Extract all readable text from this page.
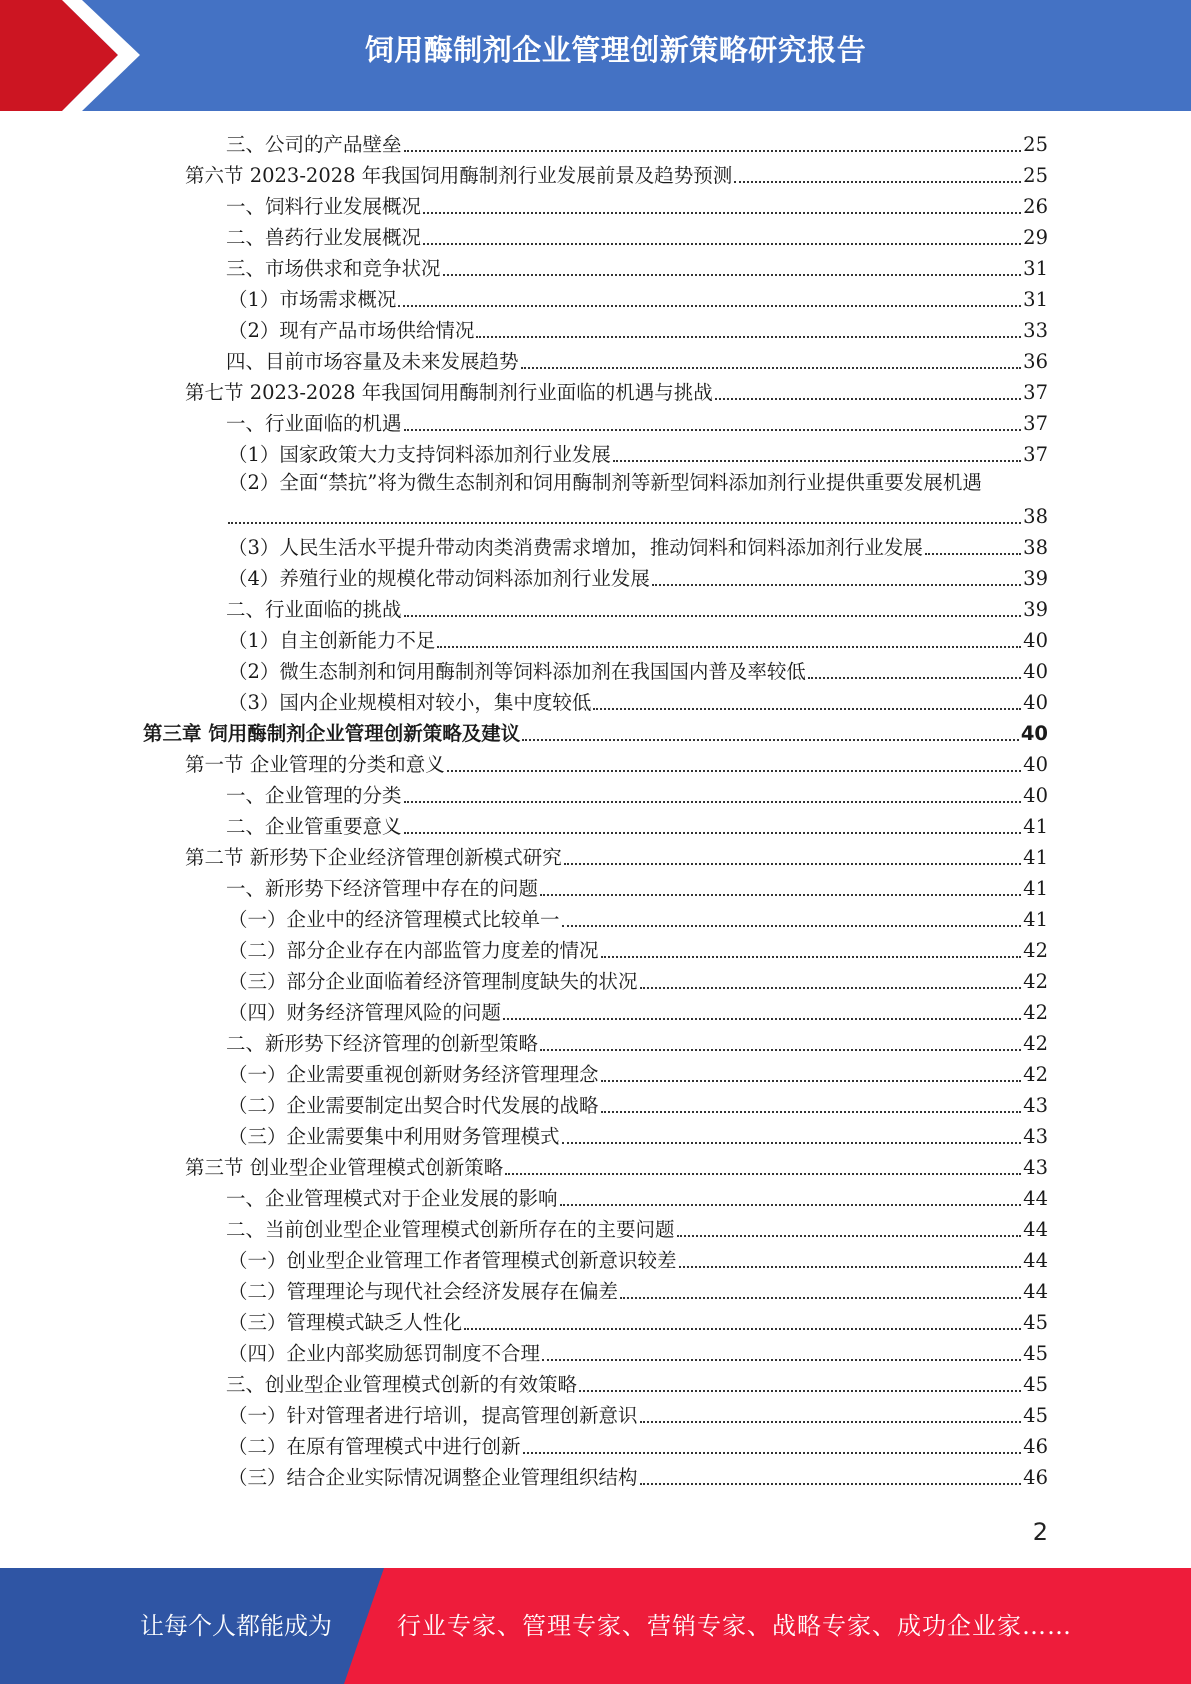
饲用酶制剂企业管理创新策略研究报告
三、公司的产品壁垒	25
第六节 2023-2028 年我国饲用酶制剂行业发展前景及趋势预测	25
一、饲料行业发展概况	26
二、兽药行业发展概况	29
三、市场供求和竞争状况	31
（1）市场需求概况	31
（2）现有产品市场供给情况	33
四、目前市场容量及未来发展趋势	36
第七节 2023-2028 年我国饲用酶制剂行业面临的机遇与挑战	37
一、行业面临的机遇	37
（1）国家政策大力支持饲料添加剂行业发展	37
（2）全面“禁抗”将为微生态制剂和饲用酶制剂等新型饲料添加剂行业提供重要发展机遇
38
（3）人民生活水平提升带动肉类消费需求增加，推动饲料和饲料添加剂行业发展	38
（4）养殖行业的规模化带动饲料添加剂行业发展	39
二、行业面临的挑战	39
（1）自主创新能力不足	40
（2）微生态制剂和饲用酶制剂等饲料添加剂在我国国内普及率较低	40
（3）国内企业规模相对较小，集中度较低	40
第三章 饲用酶制剂企业管理创新策略及建议	40
第一节 企业管理的分类和意义	40
一、企业管理的分类	40
二、企业管重要意义	41
第二节 新形势下企业经济管理创新模式研究	41
一、新形势下经济管理中存在的问题	41
（一）企业中的经济管理模式比较单一	41
（二）部分企业存在内部监管力度差的情况	42
（三）部分企业面临着经济管理制度缺失的状况	42
（四）财务经济管理风险的问题	42
二、新形势下经济管理的创新型策略	42
（一）企业需要重视创新财务经济管理理念	42
（二）企业需要制定出契合时代发展的战略	43
（三）企业需要集中利用财务管理模式	43
第三节 创业型企业管理模式创新策略	43
一、企业管理模式对于企业发展的影响	44
二、当前创业型企业管理模式创新所存在的主要问题	44
（一）创业型企业管理工作者管理模式创新意识较差	44
（二）管理理论与现代社会经济发展存在偏差	44
（三）管理模式缺乏人性化	45
（四）企业内部奖励惩罚制度不合理	45
三、创业型企业管理模式创新的有效策略	45
（一）针对管理者进行培训，提高管理创新意识	45
（二）在原有管理模式中进行创新	46
（三）结合企业实际情况调整企业管理组织结构	46
2
让每个人都能成为	行业专家、管理专家、营销专家、战略专家、成功企业家……
